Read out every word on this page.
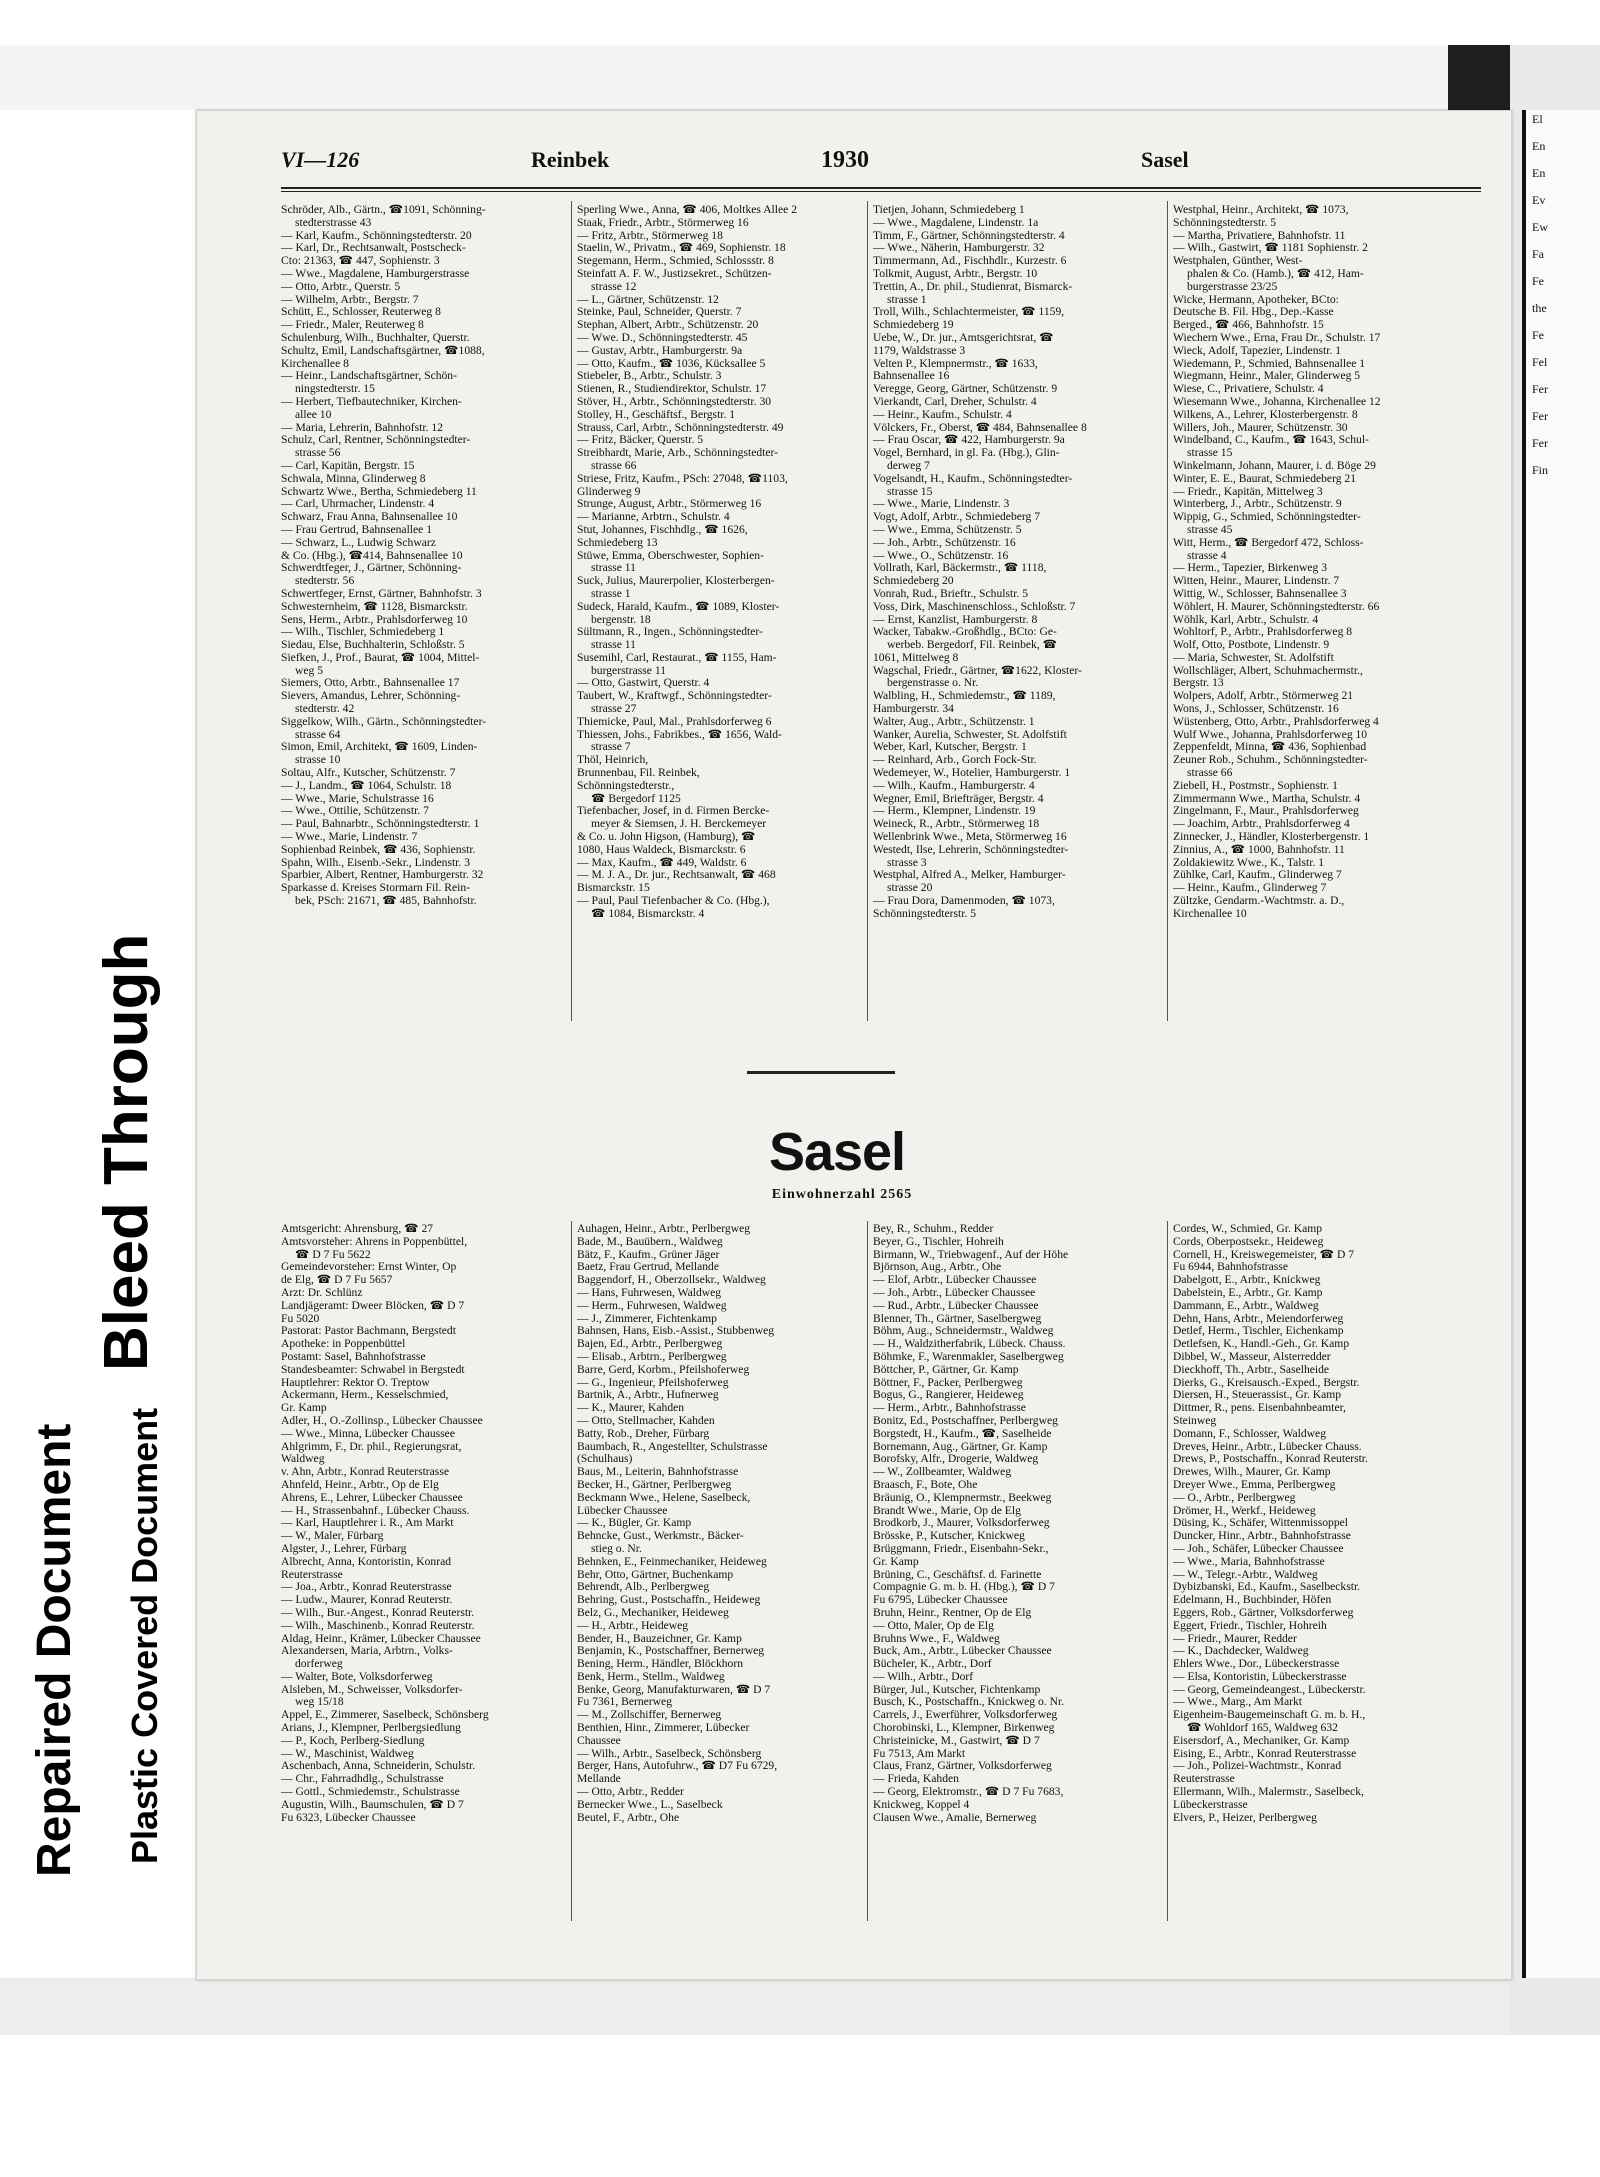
Bleed Through
Repaired Document Plastic Covered Document
El
En
En
Ev
Ew
Fa
Fe
the
Fe
Fel
Fer
Fer
Fer
Fin
VI—126	Reinbek	1930	Sasel
Schröder, Alb., Gärtn., ☎1091, Schönning-
stedterstrasse 43
— Karl, Kaufm., Schönningstedterstr. 20
— Karl, Dr., Rechtsanwalt, Postscheck-
Cto: 21363, ☎ 447, Sophienstr. 3
— Wwe., Magdalene, Hamburgerstrasse
— Otto, Arbtr., Querstr. 5
— Wilhelm, Arbtr., Bergstr. 7
Schütt, E., Schlosser, Reuterweg 8
— Friedr., Maler, Reuterweg 8
Schulenburg, Wilh., Buchhalter, Querstr.
Schultz, Emil, Landschaftsgärtner, ☎1088,
Kirchenallee 8
— Heinr., Landschaftsgärtner, Schön-
ningstedterstr. 15
— Herbert, Tiefbautechniker, Kirchen-
allee 10
— Maria, Lehrerin, Bahnhofstr. 12
Schulz, Carl, Rentner, Schönningstedter-
strasse 56
— Carl, Kapitän, Bergstr. 15
Schwala, Minna, Glinderweg 8
Schwartz Wwe., Bertha, Schmiedeberg 11
— Carl, Uhrmacher, Lindenstr. 4
Schwarz, Frau Anna, Bahnsenallee 10
— Frau Gertrud, Bahnsenallee 1
— Schwarz, L., Ludwig Schwarz
& Co. (Hbg.), ☎414, Bahnsenallee 10
Schwerdtfeger, J., Gärtner, Schönning-
stedterstr. 56
Schwertfeger, Ernst, Gärtner, Bahnhofstr. 3
Schwesternheim, ☎ 1128, Bismarckstr.
Sens, Herm., Arbtr., Prahlsdorferweg 10
— Wilh., Tischler, Schmiedeberg 1
Siedau, Else, Buchhalterin, Schloßstr. 5
Siefken, J., Prof., Baurat, ☎ 1004, Mittel-
weg 5
Siemers, Otto, Arbtr., Bahnsenallee 17
Sievers, Amandus, Lehrer, Schönning-
stedterstr. 42
Siggelkow, Wilh., Gärtn., Schönningstedter-
strasse 64
Simon, Emil, Architekt, ☎ 1609, Linden-
strasse 10
Soltau, Alfr., Kutscher, Schützenstr. 7
— J., Landm., ☎ 1064, Schulstr. 18
— Wwe., Marie, Schulstrasse 16
— Wwe., Ottilie, Schützenstr. 7
— Paul, Bahnarbtr., Schönningstedterstr. 1
— Wwe., Marie, Lindenstr. 7
Sophienbad Reinbek, ☎ 436, Sophienstr.
Spahn, Wilh., Eisenb.-Sekr., Lindenstr. 3
Sparbier, Albert, Rentner, Hamburgerstr. 32
Sparkasse d. Kreises Stormarn Fil. Rein-
bek, PSch: 21671, ☎ 485, Bahnhofstr.
Sperling Wwe., Anna, ☎ 406, Moltkes Allee 2
Staak, Friedr., Arbtr., Störmerweg 16
— Fritz, Arbtr., Störmerweg 18
Staelin, W., Privatm., ☎ 469, Sophienstr. 18
Stegemann, Herm., Schmied, Schlossstr. 8
Steinfatt A. F. W., Justizsekret., Schützen-
strasse 12
— L., Gärtner, Schützenstr. 12
Steinke, Paul, Schneider, Querstr. 7
Stephan, Albert, Arbtr., Schützenstr. 20
— Wwe. D., Schönningstedterstr. 45
— Gustav, Arbtr., Hamburgerstr. 9a
— Otto, Kaufm., ☎ 1036, Kücksallee 5
Stiebeler, B., Arbtr., Schulstr. 3
Stienen, R., Studiendirektor, Schulstr. 17
Stöver, H., Arbtr., Schönningstedterstr. 30
Stolley, H., Geschäftsf., Bergstr. 1
Strauss, Carl, Arbtr., Schönningstedterstr. 49
— Fritz, Bäcker, Querstr. 5
Streibhardt, Marie, Arb., Schönningstedter-
strasse 66
Striese, Fritz, Kaufm., PSch: 27048, ☎1103,
Glinderweg 9
Strunge, August, Arbtr., Störmerweg 16
— Marianne, Arbtrn., Schulstr. 4
Stut, Johannes, Fischhdlg., ☎ 1626,
Schmiedeberg 13
Stüwe, Emma, Oberschwester, Sophien-
strasse 11
Suck, Julius, Maurerpolier, Klosterbergen-
strasse 1
Sudeck, Harald, Kaufm., ☎ 1089, Kloster-
bergenstr. 18
Sültmann, R., Ingen., Schönningstedter-
strasse 11
Susemihl, Carl, Restaurat., ☎ 1155, Ham-
burgerstrasse 11
— Otto, Gastwirt, Querstr. 4
Taubert, W., Kraftwgf., Schönningstedter-
strasse 27
Thiemicke, Paul, Mal., Prahlsdorferweg 6
Thiessen, Johs., Fabrikbes., ☎ 1656, Wald-
strasse 7
Thöl, Heinrich,
Brunnenbau, Fil. Reinbek,
Schönningstedterstr.,
☎ Bergedorf 1125
Tiefenbacher, Josef, in d. Firmen Bercke-
meyer & Siemsen, J. H. Berckemeyer
& Co. u. John Higson, (Hamburg), ☎
1080, Haus Waldeck, Bismarckstr. 6
— Max, Kaufm., ☎ 449, Waldstr. 6
— M. J. A., Dr. jur., Rechtsanwalt, ☎ 468
Bismarckstr. 15
— Paul, Paul Tiefenbacher & Co. (Hbg.),
☎ 1084, Bismarckstr. 4
Tietjen, Johann, Schmiedeberg 1
— Wwe., Magdalene, Lindenstr. 1a
Timm, F., Gärtner, Schönningstedterstr. 4
— Wwe., Näherin, Hamburgerstr. 32
Timmermann, Ad., Fischhdlr., Kurzestr. 6
Tolkmit, August, Arbtr., Bergstr. 10
Trettin, A., Dr. phil., Studienrat, Bismarck-
strasse 1
Troll, Wilh., Schlachtermeister, ☎ 1159,
Schmiedeberg 19
Uebe, W., Dr. jur., Amtsgerichtsrat, ☎
1179, Waldstrasse 3
Velten P., Klempnermstr., ☎ 1633,
Bahnsenallee 16
Veregge, Georg, Gärtner, Schützenstr. 9
Vierkandt, Carl, Dreher, Schulstr. 4
— Heinr., Kaufm., Schulstr. 4
Völckers, Fr., Oberst, ☎ 484, Bahnsenallee 8
— Frau Oscar, ☎ 422, Hamburgerstr. 9a
Vogel, Bernhard, in gl. Fa. (Hbg.), Glin-
derweg 7
Vogelsandt, H., Kaufm., Schönningstedter-
strasse 15
— Wwe., Marie, Lindenstr. 3
Vogt, Adolf, Arbtr., Schmiedeberg 7
— Wwe., Emma, Schützenstr. 5
— Joh., Arbtr., Schützenstr. 16
— Wwe., O., Schützenstr. 16
Vollrath, Karl, Bäckermstr., ☎ 1118,
Schmiedeberg 20
Vonrah, Rud., Brieftr., Schulstr. 5
Voss, Dirk, Maschinenschloss., Schloßstr. 7
— Ernst, Kanzlist, Hamburgerstr. 8
Wacker, Tabakw.-Großhdlg., BCto: Ge-
werbeb. Bergedorf, Fil. Reinbek, ☎
1061, Mittelweg 8
Wagschal, Friedr., Gärtner, ☎1622, Kloster-
bergenstrasse o. Nr.
Walbling, H., Schmiedemstr., ☎ 1189,
Hamburgerstr. 34
Walter, Aug., Arbtr., Schützenstr. 1
Wanker, Aurelia, Schwester, St. Adolfstift
Weber, Karl, Kutscher, Bergstr. 1
— Reinhard, Arb., Gorch Fock-Str.
Wedemeyer, W., Hotelier, Hamburgerstr. 1
— Wilh., Kaufm., Hamburgerstr. 4
Wegner, Emil, Briefträger, Bergstr. 4
— Herm., Klempner, Lindenstr. 19
Weineck, R., Arbtr., Störmerweg 18
Wellenbrink Wwe., Meta, Störmerweg 16
Westedt, Ilse, Lehrerin, Schönningstedter-
strasse 3
Westphal, Alfred A., Melker, Hamburger-
strasse 20
— Frau Dora, Damenmoden, ☎ 1073,
Schönningstedterstr. 5
Westphal, Heinr., Architekt, ☎ 1073,
Schönningstedterstr. 5
— Martha, Privatiere, Bahnhofstr. 11
— Wilh., Gastwirt, ☎ 1181 Sophienstr. 2
Westphalen, Günther, West-
phalen & Co. (Hamb.), ☎ 412, Ham-
burgerstrasse 23/25
Wicke, Hermann, Apotheker, BCto:
Deutsche B. Fil. Hbg., Dep.-Kasse
Berged., ☎ 466, Bahnhofstr. 15
Wiechern Wwe., Erna, Frau Dr., Schulstr. 17
Wieck, Adolf, Tapezier, Lindenstr. 1
Wiedemann, P., Schmied, Bahnsenallee 1
Wiegmann, Heinr., Maler, Glinderweg 5
Wiese, C., Privatiere, Schulstr. 4
Wiesemann Wwe., Johanna, Kirchenallee 12
Wilkens, A., Lehrer, Klosterbergenstr. 8
Willers, Joh., Maurer, Schützenstr. 30
Windelband, C., Kaufm., ☎ 1643, Schul-
strasse 15
Winkelmann, Johann, Maurer, i. d. Böge 29
Winter, E. E., Baurat, Schmiedeberg 21
— Friedr., Kapitän, Mittelweg 3
Winterberg, J., Arbtr., Schützenstr. 9
Wippig, G., Schmied, Schönningstedter-
strasse 45
Witt, Herm., ☎ Bergedorf 472, Schloss-
strasse 4
— Herm., Tapezier, Birkenweg 3
Witten, Heinr., Maurer, Lindenstr. 7
Wittig, W., Schlosser, Bahnsenallee 3
Wöhlert, H. Maurer, Schönningstedterstr. 66
Wöhlk, Karl, Arbtr., Schulstr. 4
Wohltorf, P., Arbtr., Prahlsdorferweg 8
Wolf, Otto, Postbote, Lindenstr. 9
— Maria, Schwester, St. Adolfstift
Wollschläger, Albert, Schuhmachermstr.,
Bergstr. 13
Wolpers, Adolf, Arbtr., Störmerweg 21
Wons, J., Schlosser, Schützenstr. 16
Wüstenberg, Otto, Arbtr., Prahlsdorferweg 4
Wulf Wwe., Johanna, Prahlsdorferweg 10
Zeppenfeldt, Minna, ☎ 436, Sophienbad
Zeuner Rob., Schuhm., Schönningstedter-
strasse 66
Ziebell, H., Postmstr., Sophienstr. 1
Zimmermann Wwe., Martha, Schulstr. 4
Zingelmann, F., Maur., Prahlsdorferweg
— Joachim, Arbtr., Prahlsdorferweg 4
Zinnecker, J., Händler, Klosterbergenstr. 1
Zinnius, A., ☎ 1000, Bahnhofstr. 11
Zoldakiewitz Wwe., K., Talstr. 1
Zühlke, Carl, Kaufm., Glinderweg 7
— Heinr., Kaufm., Glinderweg 7
Zültzke, Gendarm.-Wachtmstr. a. D.,
Kirchenallee 10
Sasel
Einwohnerzahl 2565
Amtsgericht: Ahrensburg, ☎ 27
Amtsvorsteher: Ahrens in Poppenbüttel,
☎ D 7 Fu 5622
Gemeindevorsteher: Ernst Winter, Op
de Elg, ☎ D 7 Fu 5657
Arzt: Dr. Schlünz
Landjägeramt: Dweer Blöcken, ☎ D 7
Fu 5020
Pastorat: Pastor Bachmann, Bergstedt
Apotheke: in Poppenbüttel
Postamt: Sasel, Bahnhofstrasse
Standesbeamter: Schwabel in Bergstedt
Hauptlehrer: Rektor O. Treptow
Ackermann, Herm., Kesselschmied,
Gr. Kamp
Adler, H., O.-Zollinsp., Lübecker Chaussee
— Wwe., Minna, Lübecker Chaussee
Ahlgrimm, F., Dr. phil., Regierungsrat,
Waldweg
v. Ahn, Arbtr., Konrad Reuterstrasse
Ahnfeld, Heinr., Arbtr., Op de Elg
Ahrens, E., Lehrer, Lübecker Chaussee
— H., Strassenbahnf., Lübecker Chauss.
— Karl, Hauptlehrer i. R., Am Markt
— W., Maler, Fürbarg
Algster, J., Lehrer, Fürbarg
Albrecht, Anna, Kontoristin, Konrad
Reuterstrasse
— Joa., Arbtr., Konrad Reuterstrasse
— Ludw., Maurer, Konrad Reuterstr.
— Wilh., Bur.-Angest., Konrad Reuterstr.
— Wilh., Maschinenb., Konrad Reuterstr.
Aldag, Heinr., Krämer, Lübecker Chaussee
Alexandersen, Maria, Arbtrn., Volks-
dorferweg
— Walter, Bote, Volksdorferweg
Alsleben, M., Schweisser, Volksdorfer-
weg 15/18
Appel, E., Zimmerer, Saselbeck, Schönsberg
Arians, J., Klempner, Perlbergsiedlung
— P., Koch, Perlberg-Siedlung
— W., Maschinist, Waldweg
Aschenbach, Anna, Schneiderin, Schulstr.
— Chr., Fahrradhdlg., Schulstrasse
— Gottl., Schmiedemstr., Schulstrasse
Augustin, Wilh., Baumschulen, ☎ D 7
Fu 6323, Lübecker Chaussee
Auhagen, Heinr., Arbtr., Perlbergweg
Bade, M., Bauübern., Waldweg
Bätz, F., Kaufm., Grüner Jäger
Baetz, Frau Gertrud, Mellande
Baggendorf, H., Oberzollsekr., Waldweg
— Hans, Fuhrwesen, Waldweg
— Herm., Fuhrwesen, Waldweg
— J., Zimmerer, Fichtenkamp
Bahnsen, Hans, Eisb.-Assist., Stubbenweg
Bajen, Ed., Arbtr., Perlbergweg
— Elisab., Arbtrn., Perlbergweg
Barre, Gerd, Korbm., Pfeilshoferweg
— G., Ingenieur, Pfeilshoferweg
Bartnik, A., Arbtr., Hufnerweg
— K., Maurer, Kahden
— Otto, Stellmacher, Kahden
Batty, Rob., Dreher, Fürbarg
Baumbach, R., Angestellter, Schulstrasse
(Schulhaus)
Baus, M., Leiterin, Bahnhofstrasse
Becker, H., Gärtner, Perlbergweg
Beckmann Wwe., Helene, Saselbeck,
Lübecker Chaussee
— K., Bügler, Gr. Kamp
Behncke, Gust., Werkmstr., Bäcker-
stieg o. Nr.
Behnken, E., Feinmechaniker, Heideweg
Behr, Otto, Gärtner, Buchenkamp
Behrendt, Alb., Perlbergweg
Behring, Gust., Postschaffn., Heideweg
Belz, G., Mechaniker, Heideweg
— H., Arbtr., Heideweg
Bender, H., Bauzeichner, Gr. Kamp
Benjamin, K., Postschaffner, Bernerweg
Bening, Herm., Händler, Blöckhorn
Benk, Herm., Stellm., Waldweg
Benke, Georg, Manufakturwaren, ☎ D 7
Fu 7361, Bernerweg
— M., Zollschiffer, Bernerweg
Benthien, Hinr., Zimmerer, Lübecker
Chaussee
— Wilh., Arbtr., Saselbeck, Schönsberg
Berger, Hans, Autofuhrw., ☎ D7 Fu 6729,
Mellande
— Otto, Arbtr., Redder
Bernecker Wwe., L., Saselbeck
Beutel, F., Arbtr., Ohe
Bey, R., Schuhm., Redder
Beyer, G., Tischler, Hohreih
Birmann, W., Triebwagenf., Auf der Höhe
Björnson, Aug., Arbtr., Ohe
— Elof, Arbtr., Lübecker Chaussee
— Joh., Arbtr., Lübecker Chaussee
— Rud., Arbtr., Lübecker Chaussee
Blenner, Th., Gärtner, Saselbergweg
Böhm, Aug., Schneidermstr., Waldweg
— H., Waldzitherfabrik, Lübeck. Chauss.
Böhmke, F., Warenmakler, Saselbergweg
Böttcher, P., Gärtner, Gr. Kamp
Böttner, F., Packer, Perlbergweg
Bogus, G., Rangierer, Heideweg
— Herm., Arbtr., Bahnhofstrasse
Bonitz, Ed., Postschaffner, Perlbergweg
Borgstedt, H., Kaufm., ☎, Saselheide
Bornemann, Aug., Gärtner, Gr. Kamp
Borofsky, Alfr., Drogerie, Waldweg
— W., Zollbeamter, Waldweg
Braasch, F., Bote, Ohe
Bräunig, O., Klempnermstr., Beekweg
Brandt Wwe., Marie, Op de Elg
Brodkorb, J., Maurer, Volksdorferweg
Brösske, P., Kutscher, Knickweg
Brüggmann, Friedr., Eisenbahn-Sekr.,
Gr. Kamp
Brüning, C., Geschäftsf. d. Farinette
Compagnie G. m. b. H. (Hbg.), ☎ D 7
Fu 6795, Lübecker Chaussee
Bruhn, Heinr., Rentner, Op de Elg
— Otto, Maler, Op de Elg
Bruhns Wwe., F., Waldweg
Buck, Am., Arbtr., Lübecker Chaussee
Bücheler, K., Arbtr., Dorf
— Wilh., Arbtr., Dorf
Bürger, Jul., Kutscher, Fichtenkamp
Busch, K., Postschaffn., Knickweg o. Nr.
Carrels, J., Ewerführer, Volksdorferweg
Chorobinski, L., Klempner, Birkenweg
Christeinicke, M., Gastwirt, ☎ D 7
Fu 7513, Am Markt
Claus, Franz, Gärtner, Volksdorferweg
— Frieda, Kahden
— Georg, Elektromstr., ☎ D 7 Fu 7683,
Knickweg, Koppel 4
Clausen Wwe., Amalie, Bernerweg
Cordes, W., Schmied, Gr. Kamp
Cords, Oberpostsekr., Heideweg
Cornell, H., Kreiswegemeister, ☎ D 7
Fu 6944, Bahnhofstrasse
Dabelgott, E., Arbtr., Knickweg
Dabelstein, E., Arbtr., Gr. Kamp
Dammann, E., Arbtr., Waldweg
Dehn, Hans, Arbtr., Meiendorferweg
Detlef, Herm., Tischler, Eichenkamp
Detlefsen, K., Handl.-Geh., Gr. Kamp
Dibbel, W., Masseur, Alsterredder
Dieckhoff, Th., Arbtr., Saselheide
Dierks, G., Kreisausch.-Exped., Bergstr.
Diersen, H., Steuerassist., Gr. Kamp
Dittmer, R., pens. Eisenbahnbeamter,
Steinweg
Domann, F., Schlosser, Waldweg
Dreves, Heinr., Arbtr., Lübecker Chauss.
Drews, P., Postschaffn., Konrad Reuterstr.
Drewes, Wilh., Maurer, Gr. Kamp
Dreyer Wwe., Emma, Perlbergweg
— O., Arbtr., Perlbergweg
Drömer, H., Werkf., Heideweg
Düsing, K., Schäfer, Wittenmissoppel
Duncker, Hinr., Arbtr., Bahnhofstrasse
— Joh., Schäfer, Lübecker Chaussee
— Wwe., Maria, Bahnhofstrasse
— W., Telegr.-Arbtr., Waldweg
Dybizbanski, Ed., Kaufm., Saselbeckstr.
Edelmann, H., Buchbinder, Höfen
Eggers, Rob., Gärtner, Volksdorferweg
Eggert, Friedr., Tischler, Hohreih
— Friedr., Maurer, Redder
— K., Dachdecker, Waldweg
Ehlers Wwe., Dor., Lübeckerstrasse
— Elsa, Kontoristin, Lübeckerstrasse
— Georg, Gemeindeangest., Lübeckerstr.
— Wwe., Marg., Am Markt
Eigenheim-Baugemeinschaft G. m. b. H.,
☎ Wohldorf 165, Waldweg 632
Eisersdorf, A., Mechaniker, Gr. Kamp
Eising, E., Arbtr., Konrad Reuterstrasse
— Joh., Polizei-Wachtmstr., Konrad
Reuterstrasse
Ellermann, Wilh., Malermstr., Saselbeck,
Lübeckerstrasse
Elvers, P., Heizer, Perlbergweg
